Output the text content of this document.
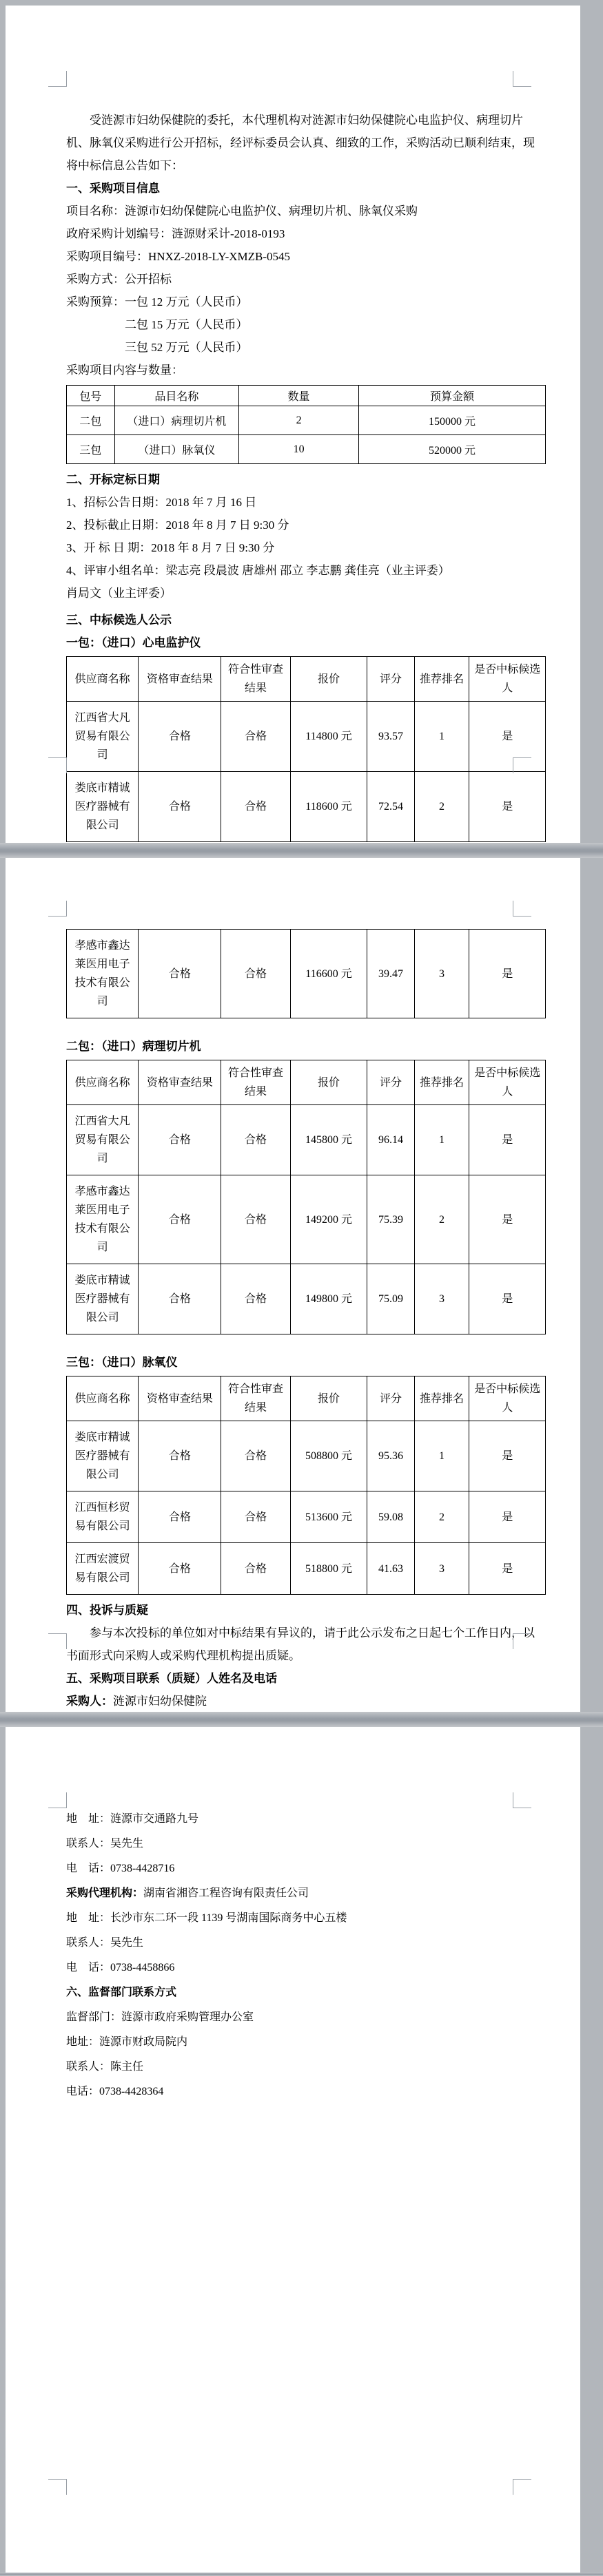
受涟源市妇幼保健院的委托，本代理机构对涟源市妇幼保健院心电监护仪、病理切片机、脉氧仪采购进行公开招标，经评标委员会认真、细致的工作，采购活动已顺利结束，现将中标信息公告如下：
一、采购项目信息
项目名称：涟源市妇幼保健院心电监护仪、病理切片机、脉氧仪采购
政府采购计划编号：涟源财采计-2018-0193
采购项目编号：HNXZ-2018-LY-XMZB-0545
采购方式：公开招标
采购预算：一包 12 万元（人民币）
二包 15 万元（人民币）
三包 52 万元（人民币）
采购项目内容与数量：
包号	品目名称	数量	预算金额
二包	（进口）病理切片机	2	150000 元
三包	（进口）脉氧仪	10	520000 元
二、开标定标日期
1、招标公告日期：2018 年 7 月 16 日
2、投标截止日期：2018 年 8 月 7 日 9:30 分
3、开 标 日 期：2018 年 8 月 7 日 9:30 分
4、评审小组名单：梁志亮 段晨波 唐雄州 邵立 李志鹏 龚佳亮（业主评委）
肖局文（业主评委）
三、中标候选人公示
一包：（进口）心电监护仪
供应商名称	资格审查结果	符合性审查结果	报价	评分	推荐排名	是否中标候选人
江西省大凡贸易有限公司	合格	合格	114800 元	93.57	1	是
娄底市精诚医疗器械有限公司	合格	合格	118600 元	72.54	2	是
孝感市鑫达莱医用电子技术有限公司	合格	合格	116600 元	39.47	3	是
二包：（进口）病理切片机
供应商名称	资格审查结果	符合性审查结果	报价	评分	推荐排名	是否中标候选人
江西省大凡贸易有限公司	合格	合格	145800 元	96.14	1	是
孝感市鑫达莱医用电子技术有限公司	合格	合格	149200 元	75.39	2	是
娄底市精诚医疗器械有限公司	合格	合格	149800 元	75.09	3	是
三包：（进口）脉氧仪
供应商名称	资格审查结果	符合性审查结果	报价	评分	推荐排名	是否中标候选人
娄底市精诚医疗器械有限公司	合格	合格	508800 元	95.36	1	是
江西恒杉贸易有限公司	合格	合格	513600 元	59.08	2	是
江西宏渡贸易有限公司	合格	合格	518800 元	41.63	3	是
四、投诉与质疑
参与本次投标的单位如对中标结果有异议的，请于此公示发布之日起七个工作日内，以书面形式向采购人或采购代理机构提出质疑。
五、采购项目联系（质疑）人姓名及电话
采购人：涟源市妇幼保健院
地　址：涟源市交通路九号
联系人：吴先生
电　话：0738-4428716
采购代理机构：湖南省湘咨工程咨询有限责任公司
地　址：长沙市东二环一段 1139 号湖南国际商务中心五楼
联系人：吴先生
电　话：0738-4458866
六、监督部门联系方式
监督部门：涟源市政府采购管理办公室
地址：涟源市财政局院内
联系人：陈主任
电话：0738-4428364
